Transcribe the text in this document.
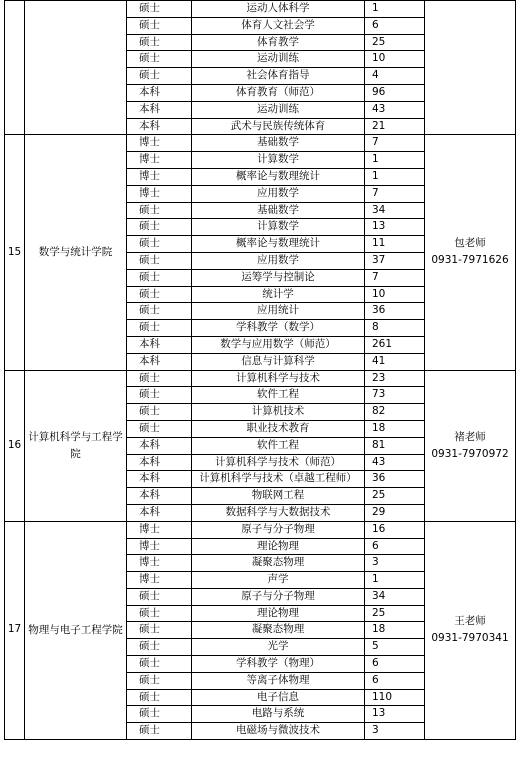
		硕士	运动人体科学	1	

		硕士	体育人文社会学	6	
		硕士	体育教学	25	
		硕士	运动训练	10	
		硕士	社会体育指导	4	
		本科	体育教育（师范）	96	
		本科	运动训练	43	
		本科	武术与民族传统体育	21	
15	数学与统计学院	博士	基础数学	7	包老师
0931-7971626

		博士	计算数学	1	
		博士	概率论与数理统计	1	
		博士	应用数学	7	
		硕士	基础数学	34	
		硕士	计算数学	13	
		硕士	概率论与数理统计	11	
		硕士	应用数学	37	
		硕士	运筹学与控制论	7	
		硕士	统计学	10	
		硕士	应用统计	36	
		硕士	学科教学（数学）	8	
		本科	数学与应用数学（师范）	261	
		本科	信息与计算科学	41	
16	计算机科学与工程学院	硕士	计算机科学与技术	23	褚老师
0931-7970972

		硕士	软件工程	73	
		硕士	计算机技术	82	
		硕士	职业技术教育	18	
		本科	软件工程	81	
		本科	计算机科学与技术（师范）	43	
		本科	计算机科学与技术（卓越工程师）	36	
		本科	物联网工程	25	
		本科	数据科学与大数据技术	29	
17	物理与电子工程学院	博士	原子与分子物理	16	王老师
0931-7970341

		博士	理论物理	6	
		博士	凝聚态物理	3	
		博士	声学	1	
		硕士	原子与分子物理	34	
		硕士	理论物理	25	
		硕士	凝聚态物理	18	
		硕士	光学	5	
		硕士	学科教学（物理）	6	
		硕士	等离子体物理	6	
		硕士	电子信息	110	
		硕士	电路与系统	13	
		硕士	电磁场与微波技术	3	
